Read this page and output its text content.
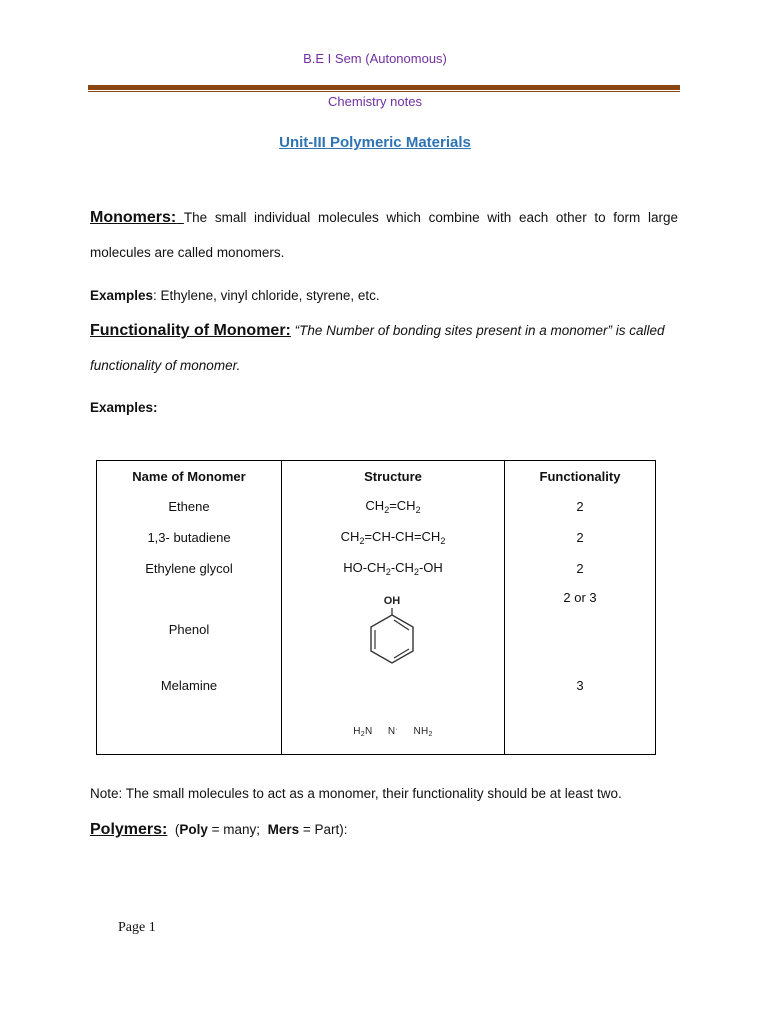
B.E I Sem (Autonomous)
Chemistry notes
Unit-III Polymeric Materials
Monomers: The small individual molecules which combine with each other to form large molecules are called monomers.
Examples: Ethylene, vinyl chloride, styrene, etc.
Functionality of Monomer: “The Number of bonding sites present in a monomer” is called functionality of monomer.
Examples:
Name of Monomer	Structure	Functionality
Ethene	$CH_2=CH_2$	2
1,3- butadiene	$CH_2=CH-CH=CH_2$	2
Ethylene glycol	$HO-CH_2-CH_2-OH$	2
Phenol	OH	2 or 3
Melamine	$H_2N$ N· $NH_2$	3
Note: The small molecules to act as a monomer, their functionality should be at least two.
Polymers: (Poly = many; Mers = Part):
Page 1
